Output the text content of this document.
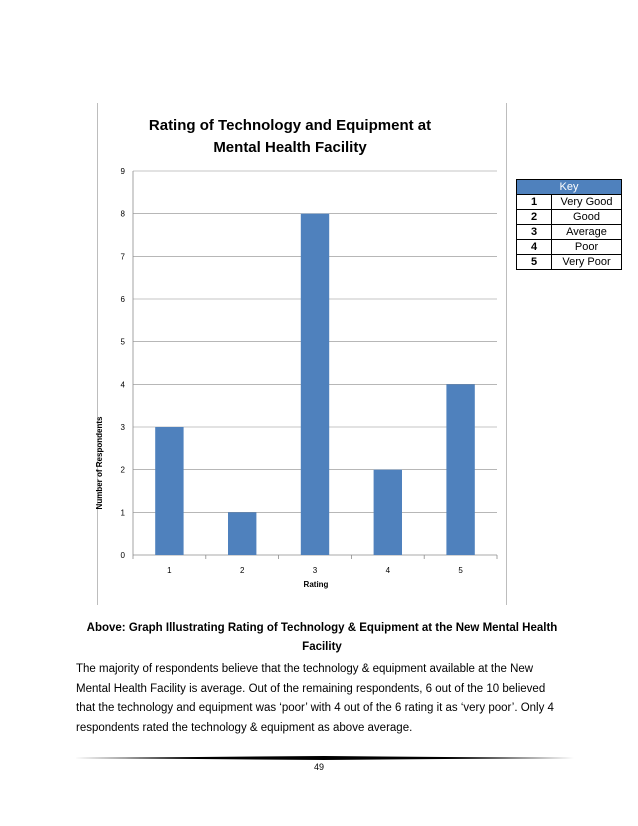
Rating of Technology and Equipment at
Mental Health Facility
0
1
2
3
4
5
6
7
8
9
1	2	3	4	5
Rating
Number of Respondents
Key	
1	Very Good
2	Good
3	Average
4	Poor
5	Very Poor
Above: Graph Illustrating Rating of Technology & Equipment at the New Mental Health
Facility
The majority of respondents believe that the technology & equipment available at the New Mental Health Facility is average. Out of the remaining respondents, 6 out of the 10 believed that the technology and equipment was ‘poor’ with 4 out of the 6 rating it as ‘very poor’. Only 4 respondents rated the technology & equipment as above average.
49
